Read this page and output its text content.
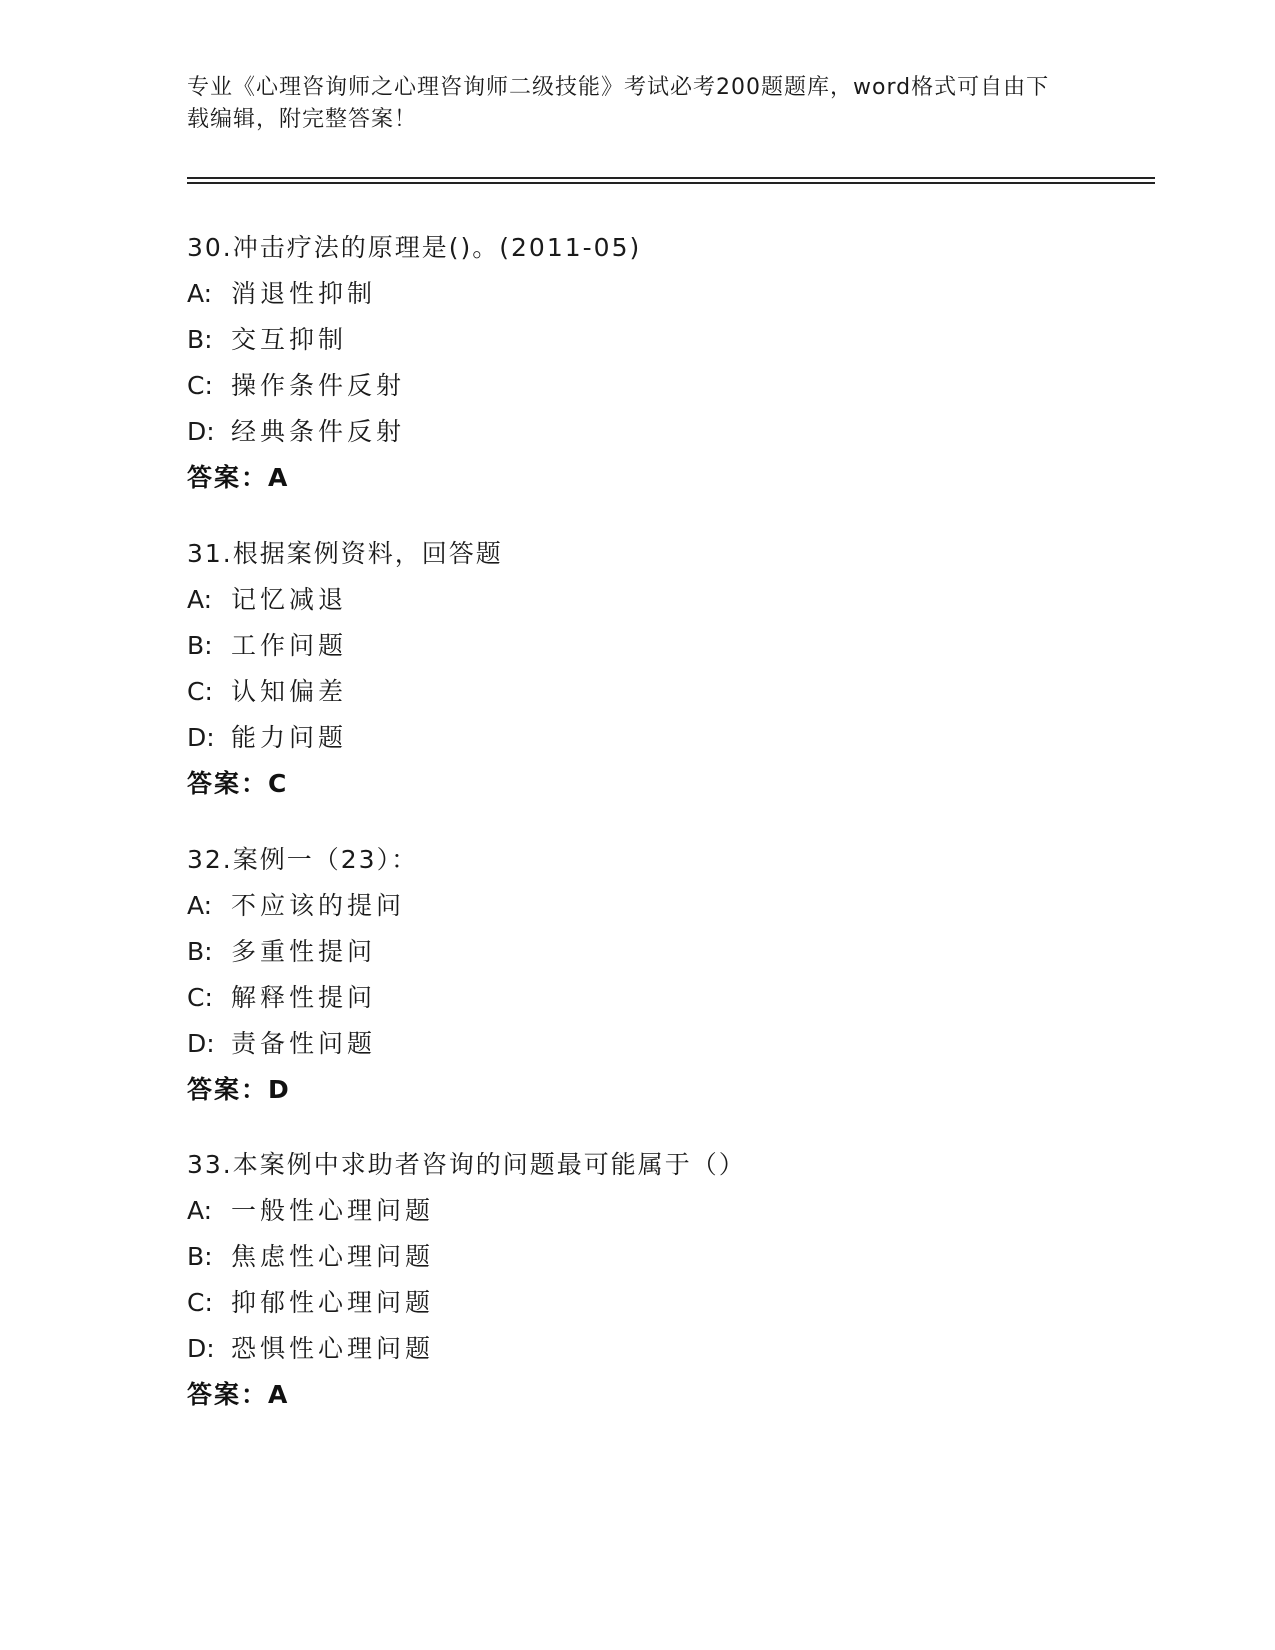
专业《心理咨询师之心理咨询师二级技能》考试必考200题题库，word格式可自由下载编辑，附完整答案！
30.冲击疗法的原理是()。(2011-05)
A: 消退性抑制
B: 交互抑制
C: 操作条件反射
D: 经典条件反射
答案：A
31.根据案例资料，回答题
A: 记忆减退
B: 工作问题
C: 认知偏差
D: 能力问题
答案：C
32.案例一（23）：
A: 不应该的提问
B: 多重性提问
C: 解释性提问
D: 责备性问题
答案：D
33.本案例中求助者咨询的问题最可能属于（）
A: 一般性心理问题
B: 焦虑性心理问题
C: 抑郁性心理问题
D: 恐惧性心理问题
答案：A
